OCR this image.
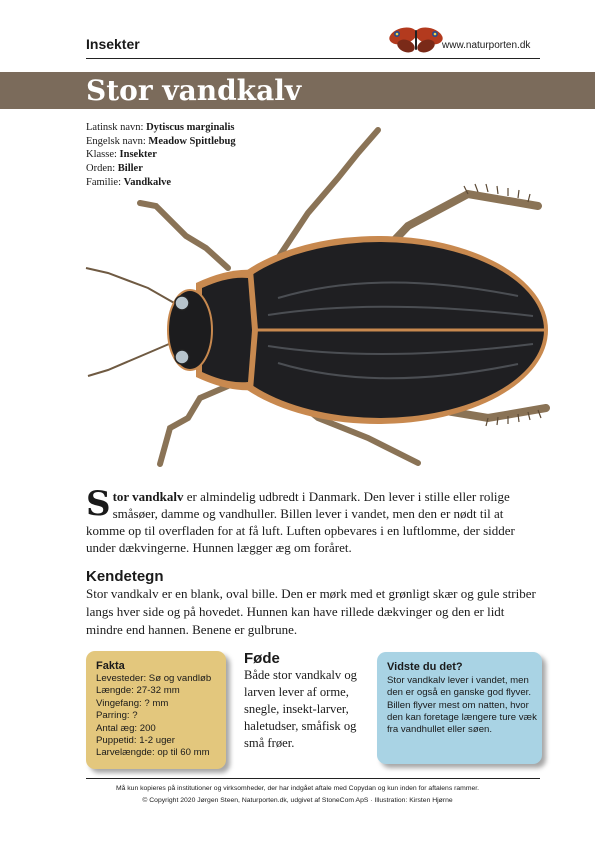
Insekter	www.naturporten.dk
Stor vandkalv
Latinsk navn: Dytiscus marginalis
Engelsk navn: Meadow Spittlebug
Klasse: Insekter
Orden: Biller
Familie: Vandkalve
Stor vandkalv er almindelig udbredt i Danmark. Den lever i stille eller rolige småsøer, damme og vandhuller. Billen lever i vandet, men den er nødt til at komme op til overfladen for at få luft. Luften opbevares i en luftlomme, der sidder under dækvingerne. Hunnen lægger æg om foråret.
Kendetegn
Stor vandkalv er en blank, oval bille. Den er mørk med et grønligt skær og gule striber langs hver side og på hovedet. Hunnen kan have rillede dækvinger og den er lidt mindre end hannen. Benene er gulbrune.
Fakta
Levesteder: Sø og vandløb
Længde: 27-32 mm
Vingefang: ? mm
Parring: ?
Antal æg: 200
Puppetid: 1-2 uger
Larvelængde: op til 60 mm
Føde
Både stor vandkalv og larven lever af orme, snegle, insekt-larver, haletudser, småfisk og små frøer.
Vidste du det?
Stor vandkalv lever i vandet, men den er også en ganske god flyver. Billen flyver mest om natten, hvor den kan foretage længere ture væk fra vandhullet eller søen.
Må kun kopieres på institutioner og virksomheder, der har indgået aftale med Copydan og kun inden for aftalens rammer.
© Copyright 2020 Jørgen Steen, Naturporten.dk, udgivet af StoneCom ApS · Illustration: Kirsten Hjørne
